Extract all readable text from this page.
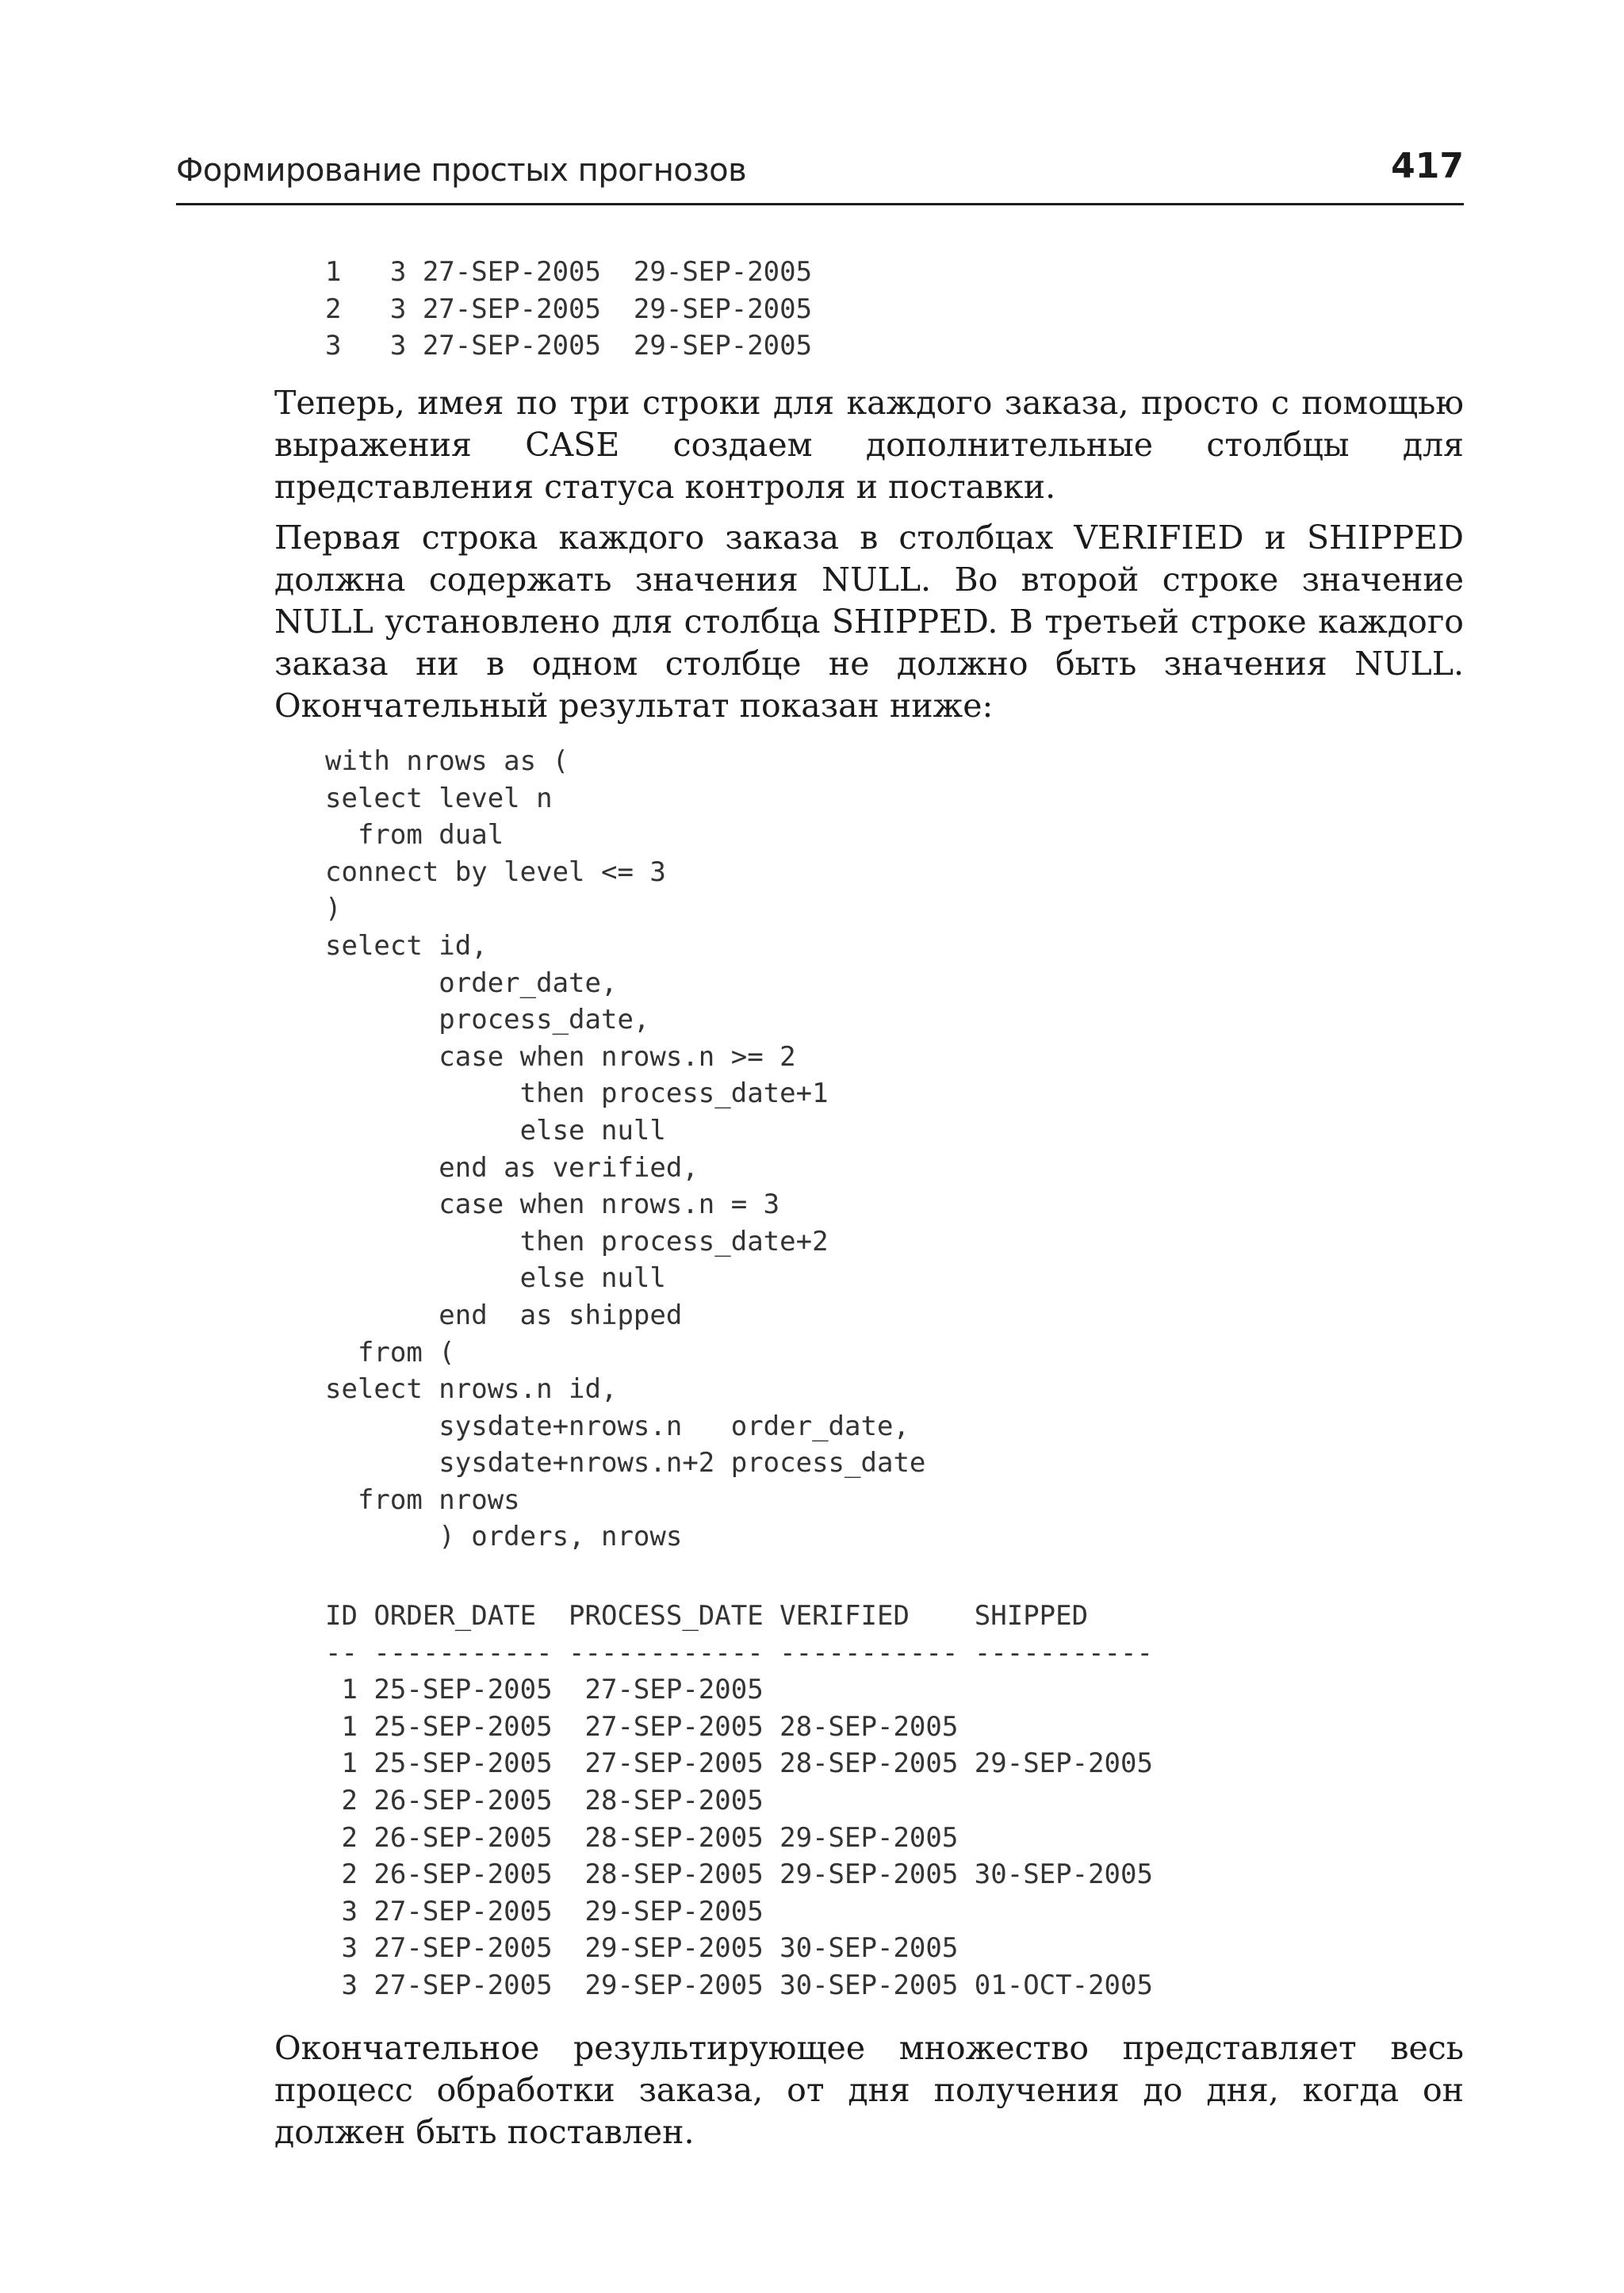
Формирование простых прогнозов	417
1   3 27-SEP-2005  29-SEP-2005
2   3 27-SEP-2005  29-SEP-2005
3   3 27-SEP-2005  29-SEP-2005

Теперь, имея по три строки для каждого заказа, просто с помощью выражения CASE создаем дополнительные столбцы для представления статуса контроля и поставки.

Первая строка каждого заказа в столбцах VERIFIED и SHIPPED должна содержать значения NULL. Во второй строке значение NULL установлено для столбца SHIPPED. В третьей строке каждого заказа ни в одном столбце не должно быть значения NULL. Окончательный результат показан ниже:

with nrows as (
select level n
from dual
connect by level <= 3
)
select id,
order_date,
process_date,
case when nrows.n >= 2
then process_date+1
else null
end as verified,
case when nrows.n = 3
then process_date+2
else null
end  as shipped
from (
select nrows.n id,
sysdate+nrows.n   order_date,
sysdate+nrows.n+2 process_date
from nrows
) orders, nrows
ID ORDER_DATE  PROCESS_DATE VERIFIED    SHIPPED
-- ----------- ------------ ----------- -----------
1 25-SEP-2005  27-SEP-2005
1 25-SEP-2005  27-SEP-2005 28-SEP-2005
1 25-SEP-2005  27-SEP-2005 28-SEP-2005 29-SEP-2005
2 26-SEP-2005  28-SEP-2005
2 26-SEP-2005  28-SEP-2005 29-SEP-2005
2 26-SEP-2005  28-SEP-2005 29-SEP-2005 30-SEP-2005
3 27-SEP-2005  29-SEP-2005
3 27-SEP-2005  29-SEP-2005 30-SEP-2005
3 27-SEP-2005  29-SEP-2005 30-SEP-2005 01-OCT-2005

Окончательное результирующее множество представляет весь процесс обработки заказа, от дня получения до дня, когда он должен быть поставлен.
